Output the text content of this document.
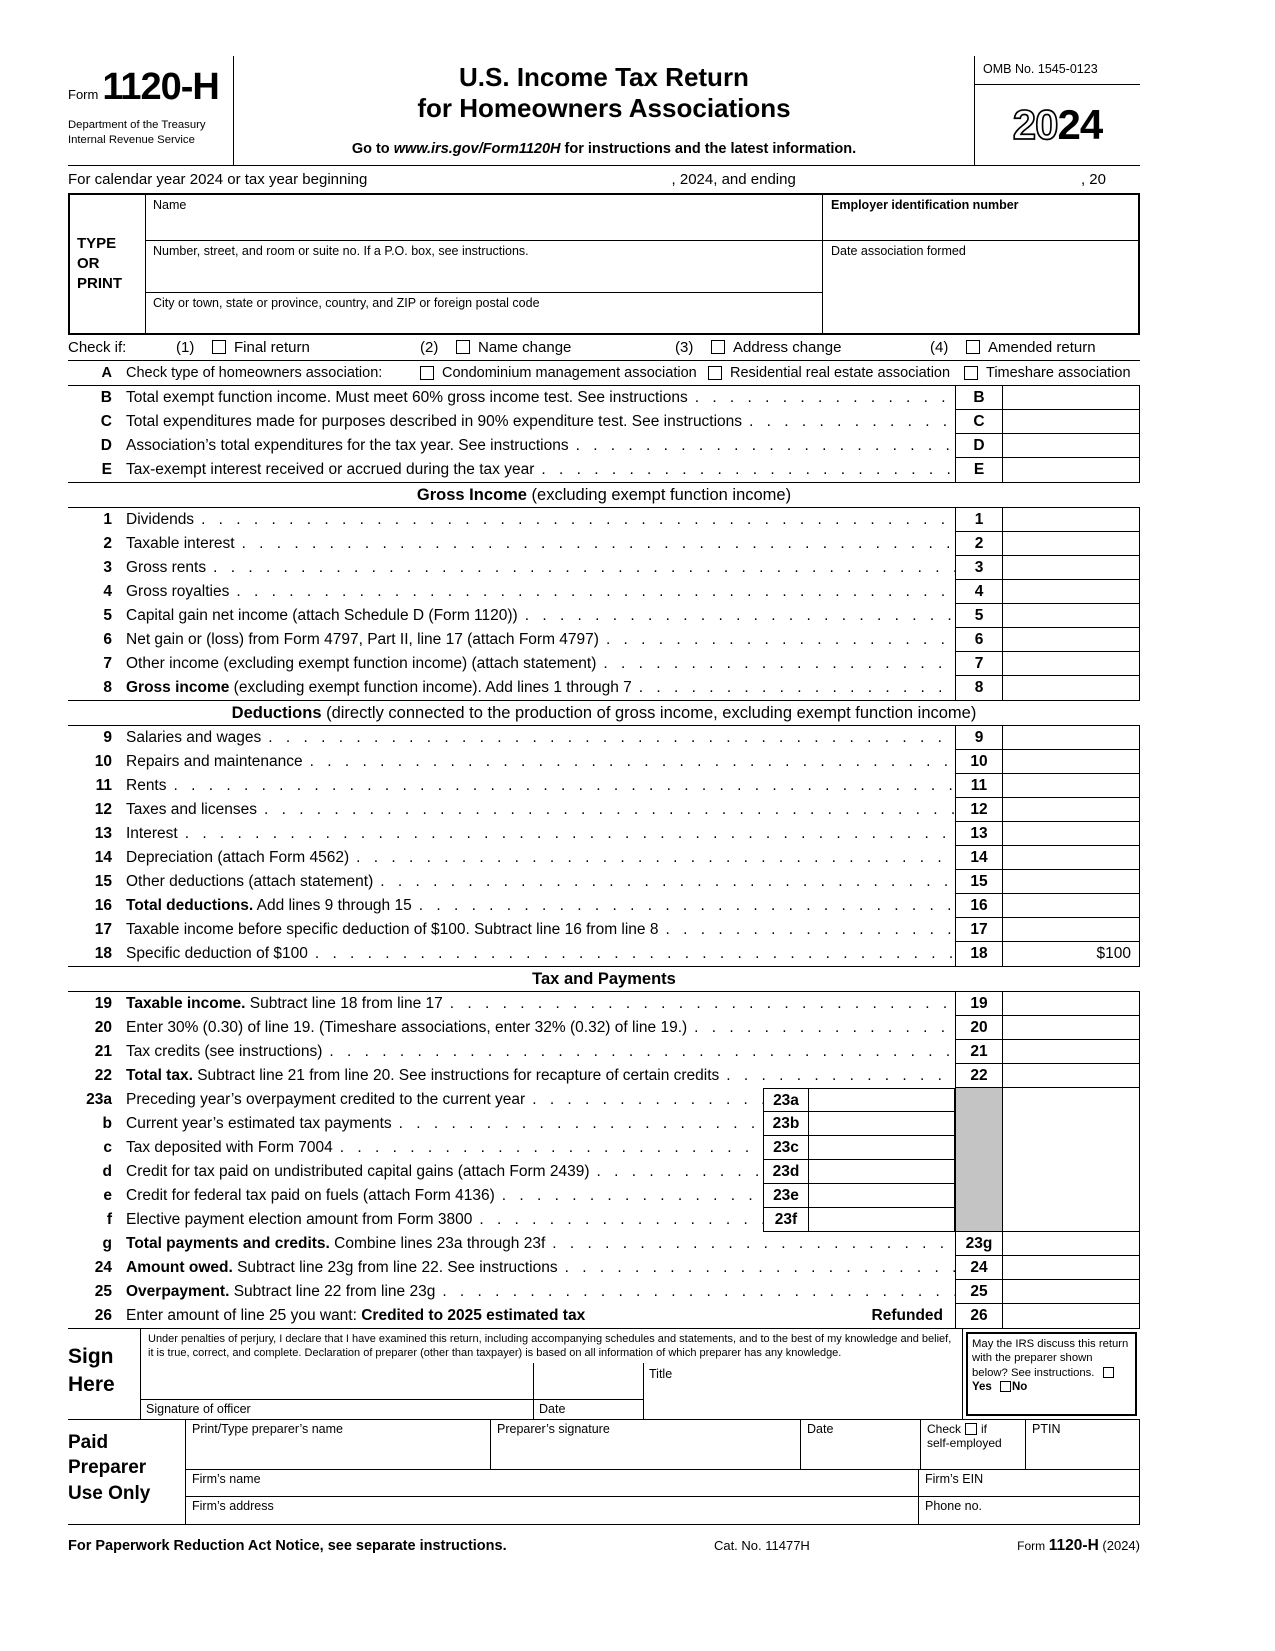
Form 1120-H
Department of the Treasury
Internal Revenue Service
U.S. Income Tax Return
for Homeowners Associations
Go to www.irs.gov/Form1120H for instructions and the latest information.
OMB No. 1545-0123
20 24
For calendar year 2024 or tax year beginning	, 2024, and ending	, 20
TYPE
OR
PRINT
Name
Number, street, and room or suite no. If a P.O. box, see instructions.
City or town, state or province, country, and ZIP or foreign postal code
Employer identification number
Date association formed
Check if:	(1)	Final return	(2)	Name change	(3)	Address change	(4)	Amended return
A Check type of homeowners association:	Condominium management association Residential real estate association Timeshare association
B Total exempt function income. Must meet 60% gross income test. See instructions . . .	B
C Total expenditures made for purposes described in 90% expenditure test. See instructions . . .	C
D Association’s total expenditures for the tax year. See instructions . . .	D
E Tax-exempt interest received or accrued during the tax year . . .	E
Gross Income (excluding exempt function income)
1 Dividends . . .	1
2 Taxable interest . . .	2
3 Gross rents . . .	3
4 Gross royalties . . .	4
5 Capital gain net income (attach Schedule D (Form 1120)) . . .	5
6 Net gain or (loss) from Form 4797, Part II, line 17 (attach Form 4797) . . .	6
7 Other income (excluding exempt function income) (attach statement) . . .	7
8 Gross income (excluding exempt function income). Add lines 1 through 7 . . .	8
Deductions (directly connected to the production of gross income, excluding exempt function income)
9 Salaries and wages . . .	9
10 Repairs and maintenance . . .	10
11 Rents . . .	11
12 Taxes and licenses . . .	12
13 Interest . . .	13
14 Depreciation (attach Form 4562) . . .	14
15 Other deductions (attach statement) . . .	15
16 Total deductions. Add lines 9 through 15 . . .	16
17 Taxable income before specific deduction of $100. Subtract line 16 from line 8 . . .	17
18 Specific deduction of $100 . . .	18	$100
Tax and Payments
19 Taxable income. Subtract line 18 from line 17 . . .	19
20 Enter 30% (0.30) of line 19. (Timeshare associations, enter 32% (0.32) of line 19.) . . .	20
21 Tax credits (see instructions) . . .	21
22 Total tax. Subtract line 21 from line 20. See instructions for recapture of certain credits . . .	22
23a Preceding year’s overpayment credited to the current year . . .	23a
b Current year’s estimated tax payments . . .	23b
c Tax deposited with Form 7004 . . .	23c
d Credit for tax paid on undistributed capital gains (attach Form 2439) . . .	23d
e Credit for federal tax paid on fuels (attach Form 4136) . . .	23e
f Elective payment election amount from Form 3800 . . .	23f
g Total payments and credits. Combine lines 23a through 23f . . .	23g
24 Amount owed. Subtract line 23g from line 22. See instructions . . .	24
25 Overpayment. Subtract line 22 from line 23g . . .	25
26 Enter amount of line 25 you want: Credited to 2025 estimated tax	Refunded	26
Sign
Here
Under penalties of perjury, I declare that I have examined this return, including accompanying schedules and statements, and to the best of my knowledge and belief, it is true, correct, and complete. Declaration of preparer (other than taxpayer) is based on all information of which preparer has any knowledge.
Signature of officer	Date
Title
May the IRS discuss this return with the preparer shown below? See instructions. Yes No
Paid
Preparer
Use Only
Print/Type preparer’s name	Preparer’s signature	Date	Check if
self-employed
PTIN
Firm’s name	Firm’s EIN
Firm’s address	Phone no.
For Paperwork Reduction Act Notice, see separate instructions.	Cat. No. 11477H	Form 1120-H (2024)
